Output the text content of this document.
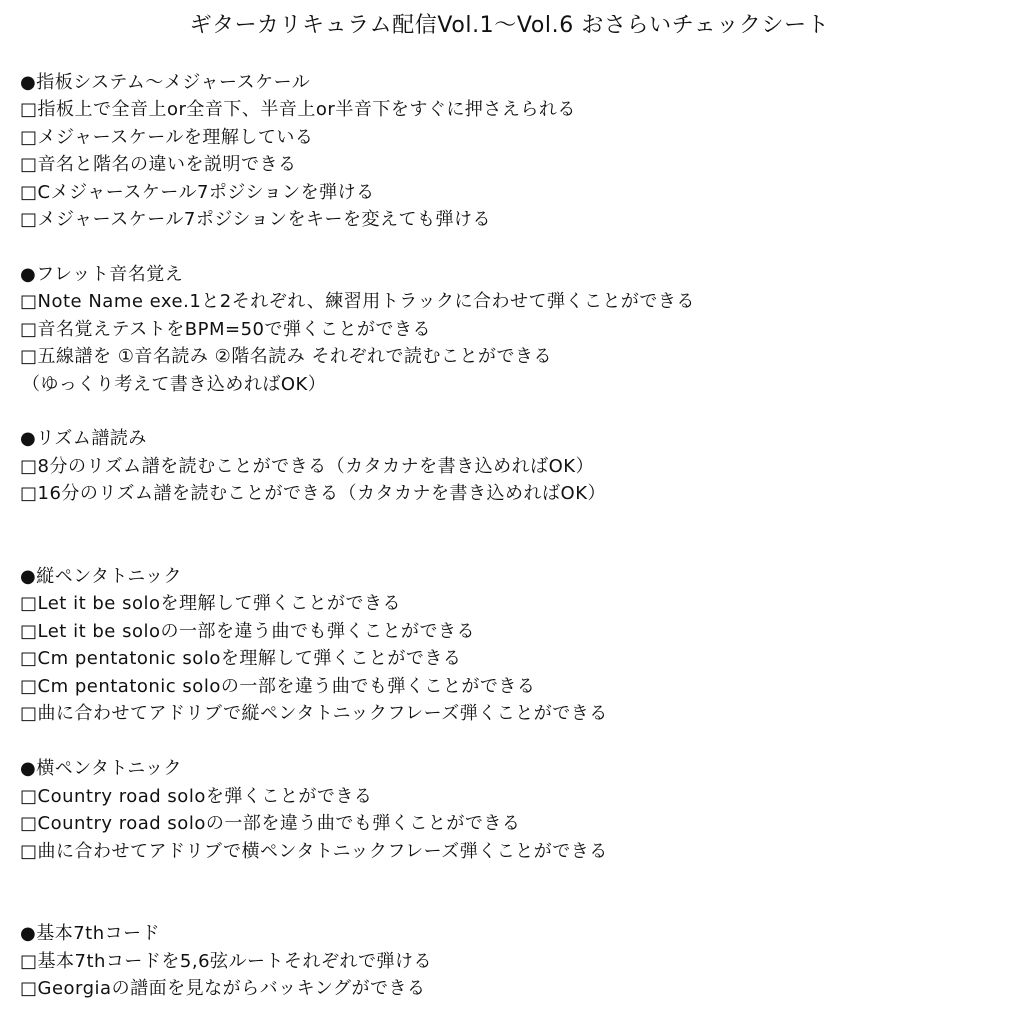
ギターカリキュラム配信Vol.1〜Vol.6 おさらいチェックシート
●指板システム〜メジャースケール
□指板上で全音上or全音下、半音上or半音下をすぐに押さえられる
□メジャースケールを理解している
□音名と階名の違いを説明できる
□Cメジャースケール7ポジションを弾ける
□メジャースケール7ポジションをキーを変えても弾ける
●フレット音名覚え
□Note Name exe.1と2それぞれ、練習用トラックに合わせて弾くことができる
□音名覚えテストをBPM=50で弾くことができる
□五線譜を ①音名読み ②階名読み それぞれで読むことができる
（ゆっくり考えて書き込めればOK）
●リズム譜読み
□8分のリズム譜を読むことができる（カタカナを書き込めればOK）
□16分のリズム譜を読むことができる（カタカナを書き込めればOK）
●縦ペンタトニック
□Let it be soloを理解して弾くことができる
□Let it be soloの一部を違う曲でも弾くことができる
□Cm pentatonic soloを理解して弾くことができる
□Cm pentatonic soloの一部を違う曲でも弾くことができる
□曲に合わせてアドリブで縦ペンタトニックフレーズ弾くことができる
●横ペンタトニック
□Country road soloを弾くことができる
□Country road soloの一部を違う曲でも弾くことができる
□曲に合わせてアドリブで横ペンタトニックフレーズ弾くことができる
●基本7thコード
□基本7thコードを5,6弦ルートそれぞれで弾ける
□Georgiaの譜面を見ながらバッキングができる
